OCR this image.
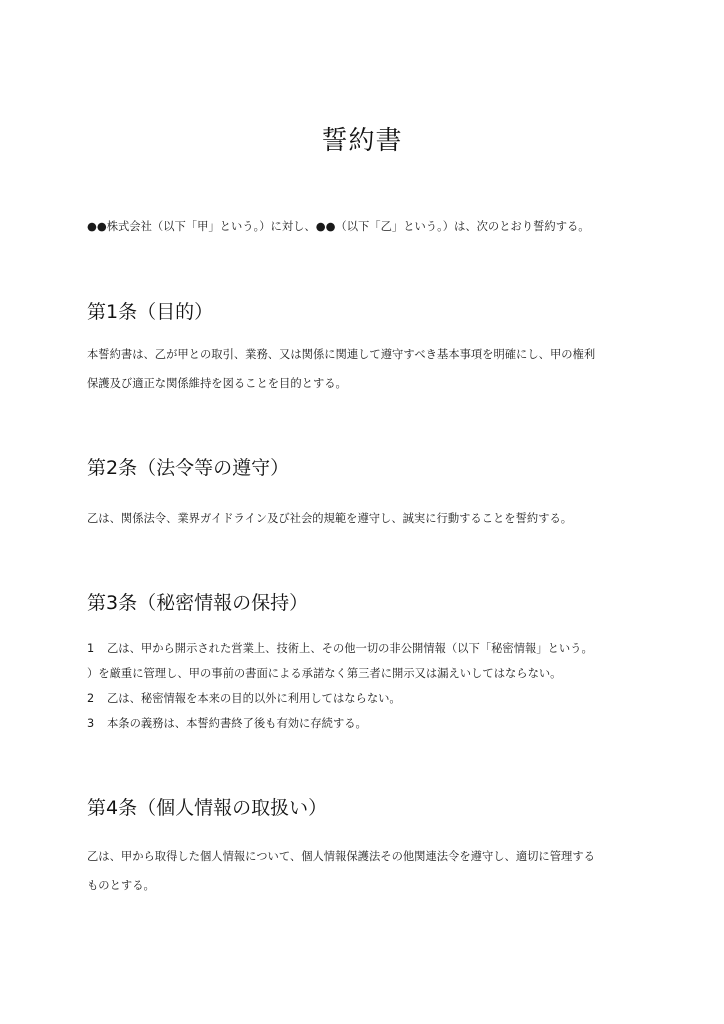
誓約書
●●株式会社（以下「甲」という。）に対し、●●（以下「乙」という。）は、次のとおり誓約する。
第1条（目的）
本誓約書は、乙が甲との取引、業務、又は関係に関連して遵守すべき基本事項を明確にし、甲の権利
保護及び適正な関係維持を図ることを目的とする。
第2条（法令等の遵守）
乙は、関係法令、業界ガイドライン及び社会的規範を遵守し、誠実に行動することを誓約する。
第3条（秘密情報の保持）
1 乙は、甲から開示された営業上、技術上、その他一切の非公開情報（以下「秘密情報」という。
）を厳重に管理し、甲の事前の書面による承諾なく第三者に開示又は漏えいしてはならない。
2 乙は、秘密情報を本来の目的以外に利用してはならない。
3 本条の義務は、本誓約書終了後も有効に存続する。
第4条（個人情報の取扱い）
乙は、甲から取得した個人情報について、個人情報保護法その他関連法令を遵守し、適切に管理する
ものとする。
